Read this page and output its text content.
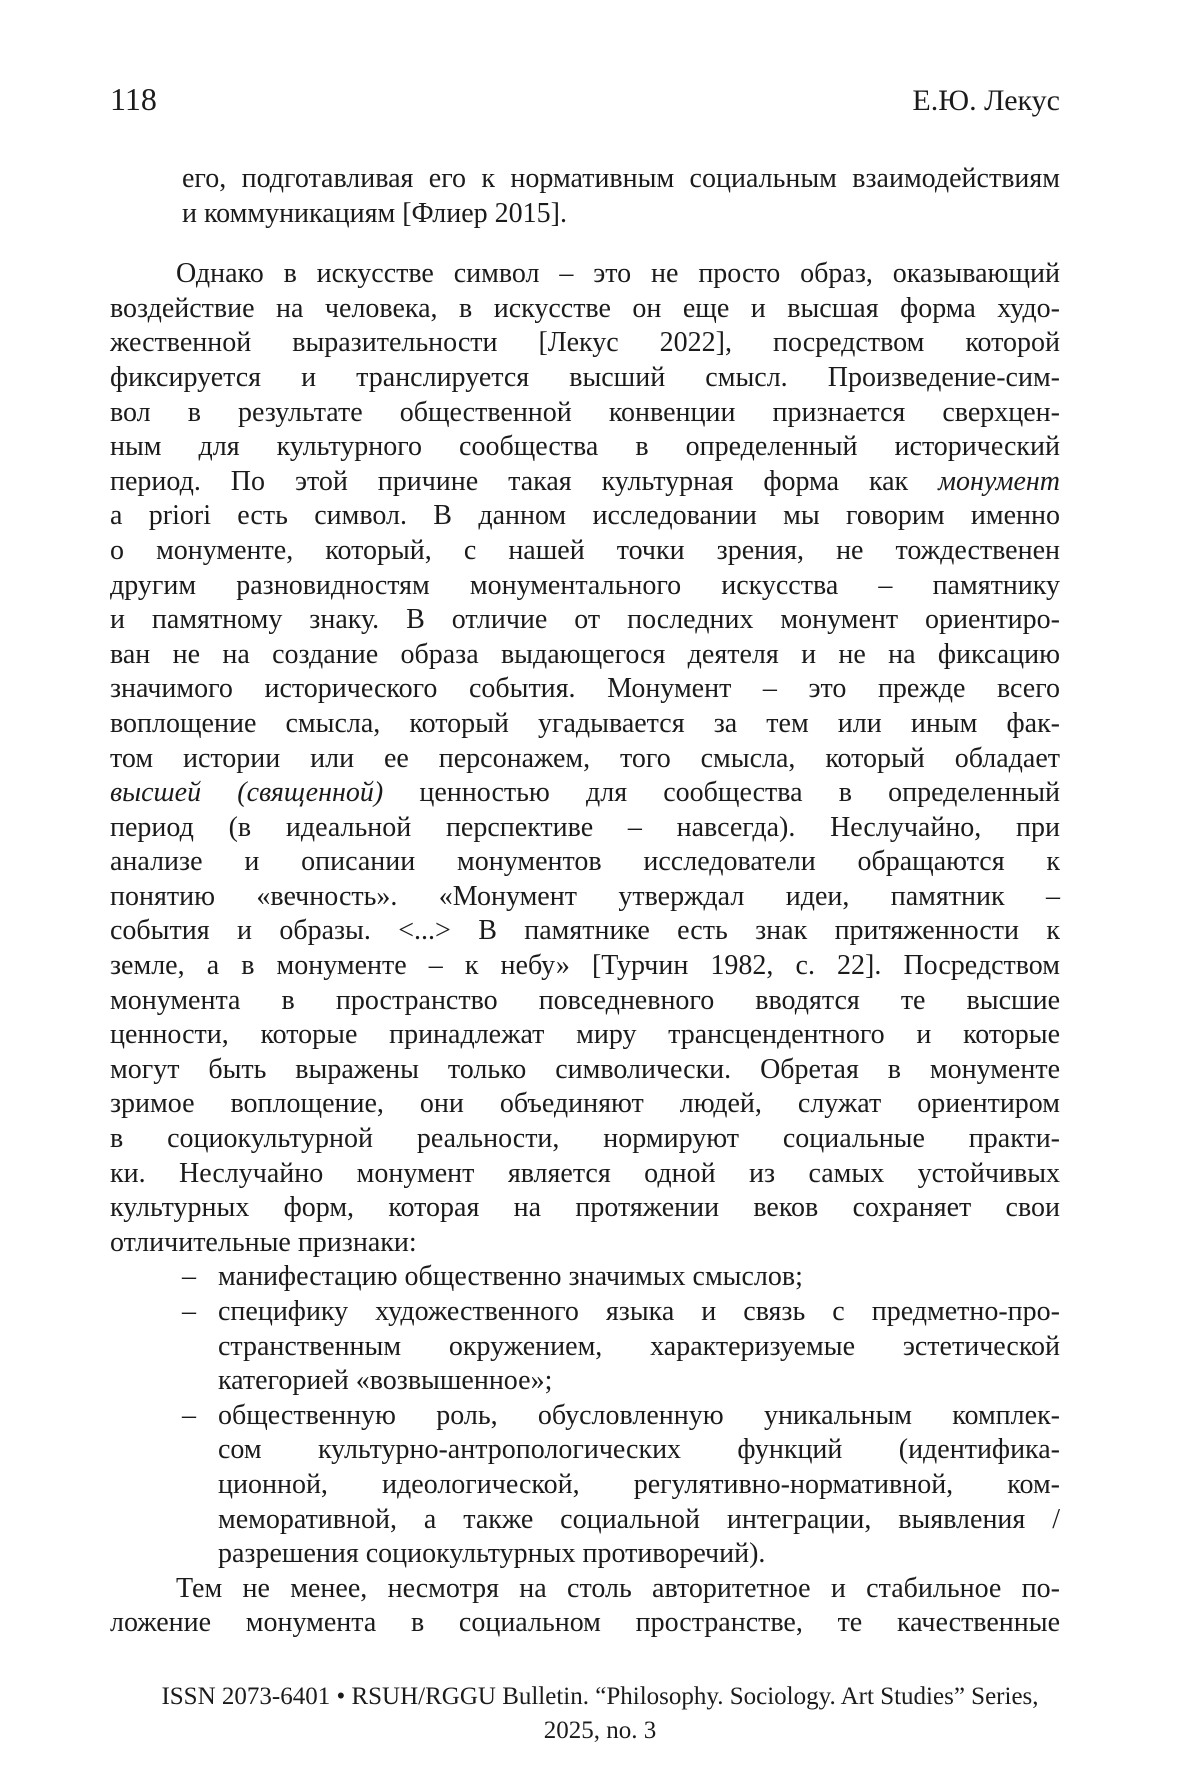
118	Е.Ю. Лекус
его, подготавливая его к нормативным социальным взаимодействиям
и коммуникациям [Флиер 2015].
Однако в искусстве символ – это не просто образ, оказывающий
воздействие на человека, в искусстве он еще и высшая форма худо-
жественной выразительности [Лекус 2022], посредством которой
фиксируется и транслируется высший смысл. Произведение-сим-
вол в результате общественной конвенции признается сверхцен-
ным для культурного сообщества в определенный исторический
период. По этой причине такая культурная форма как монумент
a priori есть символ. В данном исследовании мы говорим именно
о монументе, который, с нашей точки зрения, не тождественен
другим разновидностям монументального искусства – памятнику
и памятному знаку. В отличие от последних монумент ориентиро-
ван не на создание образа выдающегося деятеля и не на фиксацию
значимого исторического события. Монумент – это прежде всего
воплощение смысла, который угадывается за тем или иным фак-
том истории или ее персонажем, того смысла, который обладает
высшей (священной) ценностью для сообщества в определенный
период (в идеальной перспективе – навсегда). Неслучайно, при
анализе и описании монументов исследователи обращаются к
понятию «вечность». «Монумент утверждал идеи, памятник –
события и образы. <...> В памятнике есть знак притяженности к
земле, а в монументе – к небу» [Турчин 1982, с. 22]. Посредством
монумента в пространство повседневного вводятся те высшие
ценности, которые принадлежат миру трансцендентного и которые
могут быть выражены только символически. Обретая в монументе
зримое воплощение, они объединяют людей, служат ориентиром
в социокультурной реальности, нормируют социальные практи-
ки. Неслучайно монумент является одной из самых устойчивых
культурных форм, которая на протяжении веков сохраняет свои
отличительные признаки:
– манифестацию общественно значимых смыслов;
– специфику художественного языка и связь с предметно-про-
странственным окружением, характеризуемые эстетической
категорией «возвышенное»;
– общественную роль, обусловленную уникальным комплек-
сом культурно-антропологических функций (идентифика-
ционной, идеологической, регулятивно-нормативной, ком-
меморативной, а также социальной интеграции, выявления /
разрешения социокультурных противоречий).
Тем не менее, несмотря на столь авторитетное и стабильное по-
ложение монумента в социальном пространстве, те качественные
ISSN 2073-6401 • RSUH/RGGU Bulletin. “Philosophy. Sociology. Art Studies” Series,
2025, no. 3
